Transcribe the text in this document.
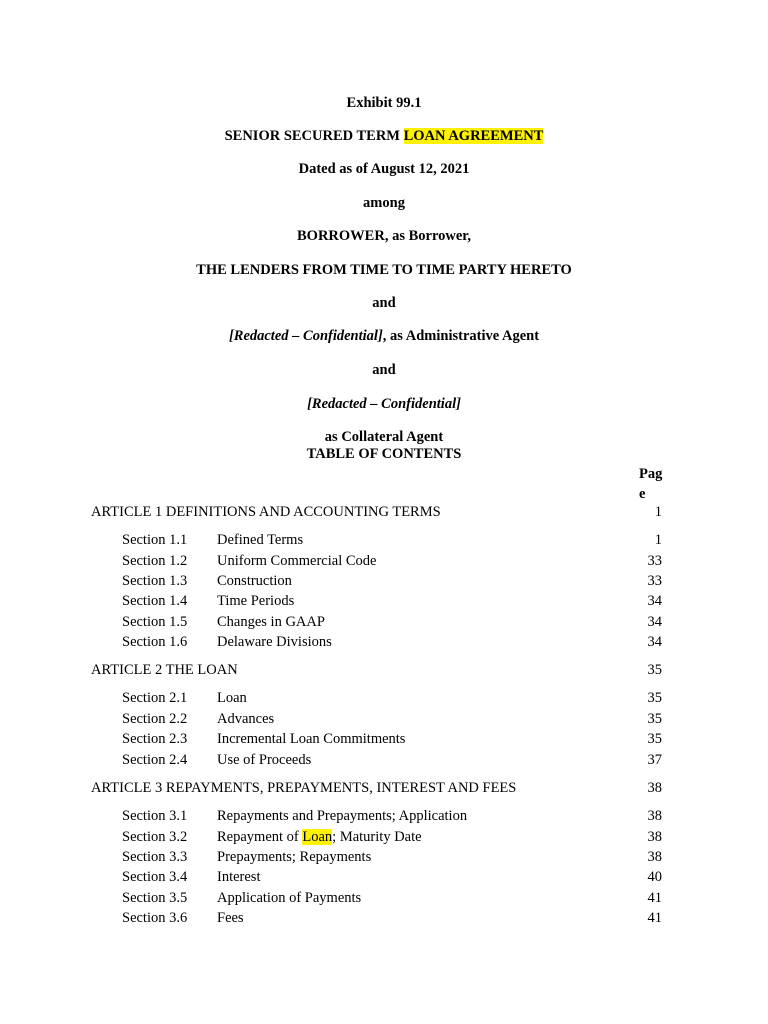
Exhibit 99.1
SENIOR SECURED TERM LOAN AGREEMENT
Dated as of August 12, 2021
among
BORROWER, as Borrower,
THE LENDERS FROM TIME TO TIME PARTY HERETO
and
[Redacted – Confidential], as Administrative Agent
and
[Redacted – Confidential]
as Collateral Agent
TABLE OF CONTENTS
Pag
e
ARTICLE 1 DEFINITIONS AND ACCOUNTING TERMS	1
Section 1.1 Defined Terms	1
Section 1.2 Uniform Commercial Code	33
Section 1.3 Construction	33
Section 1.4 Time Periods	34
Section 1.5 Changes in GAAP	34
Section 1.6 Delaware Divisions	34
ARTICLE 2 THE LOAN	35
Section 2.1 Loan	35
Section 2.2 Advances	35
Section 2.3 Incremental Loan Commitments	35
Section 2.4 Use of Proceeds	37
ARTICLE 3 REPAYMENTS, PREPAYMENTS, INTEREST AND FEES	38
Section 3.1 Repayments and Prepayments; Application	38
Section 3.2 Repayment of Loan; Maturity Date	38
Section 3.3 Prepayments; Repayments	38
Section 3.4 Interest	40
Section 3.5 Application of Payments	41
Section 3.6 Fees	41
